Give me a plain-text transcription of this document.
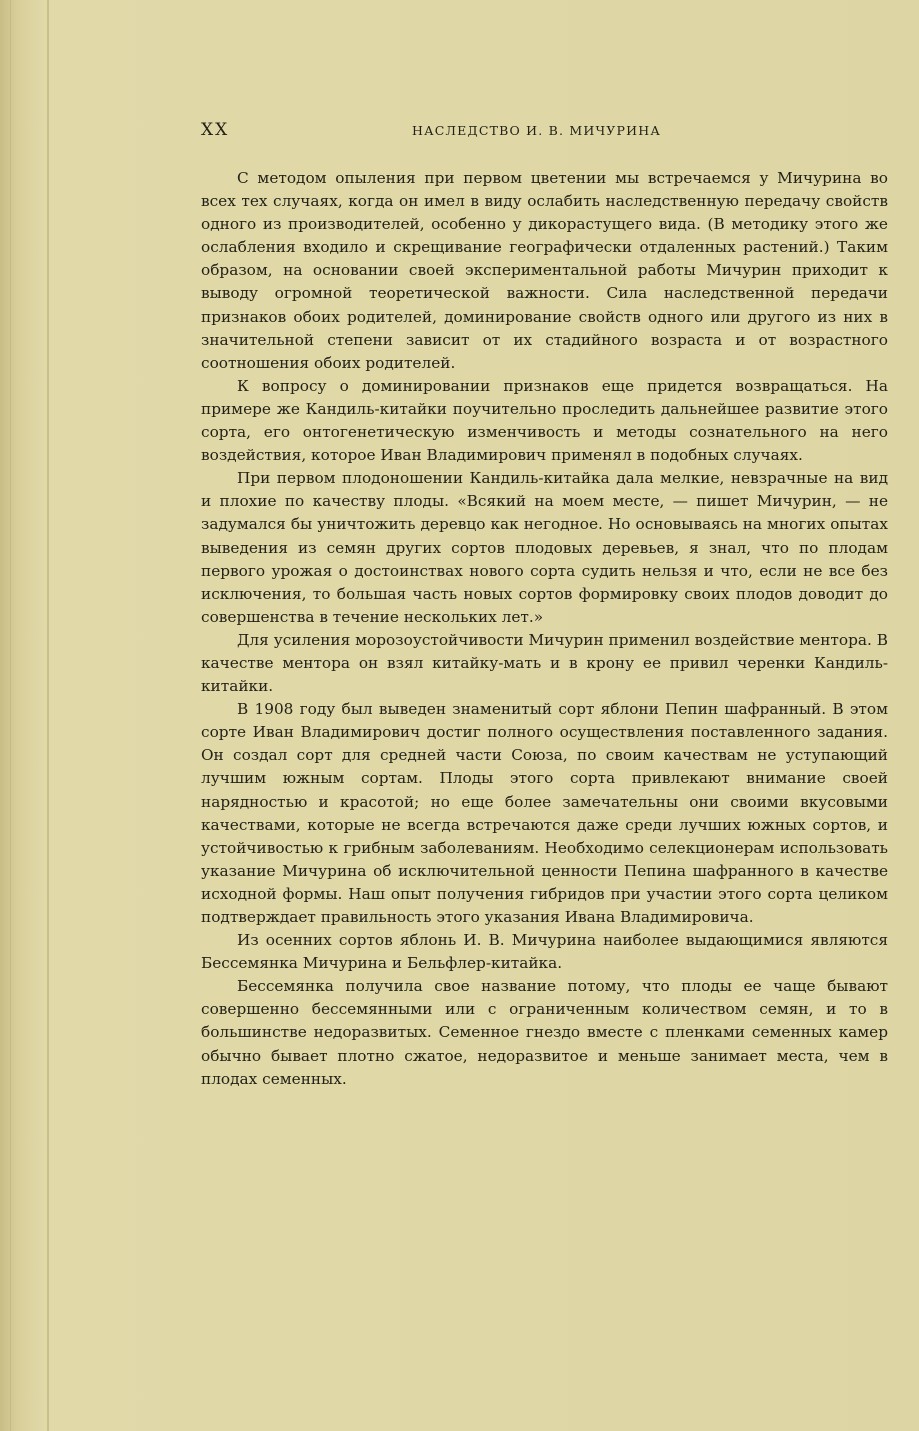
XX	НАСЛЕДСТВО И. В. МИЧУРИНА

С методом опыления при первом цветении мы встречаемся у Мичурина во всех тех случаях, когда он имел в виду ослабить наследственную передачу свойств одного из производителей, особенно у дикорастущего вида. (В методику этого же ослабления входило и скрещивание географически отдаленных растений.) Таким образом, на основании своей экспериментальной работы Мичурин приходит к выводу огромной теоретической важности. Сила наследственной передачи признаков обоих родителей, доминирование свойств одного или другого из них в значительной степени зависит от их стадийного возраста и от возрастного соотношения обоих родителей.

К вопросу о доминировании признаков еще придется возвращаться. На примере же Кандиль-китайки поучительно проследить дальнейшее развитие этого сорта, его онтогенетическую изменчивость и методы сознательного на него воздействия, которое Иван Владимирович применял в подобных случаях.

При первом плодоношении Кандиль-китайка дала мелкие, невзрачные на вид и плохие по качеству плоды. «Всякий на моем месте, — пишет Мичурин, — не задумался бы уничтожить деревцо как негодное. Но основываясь на многих опытах выведения из семян других сортов плодовых деревьев, я знал, что по плодам первого урожая о достоинствах нового сорта судить нельзя и что, если не все без исключения, то большая часть новых сортов формировку своих плодов доводит до совершенства в течение нескольких лет.»

Для усиления морозоустойчивости Мичурин применил воздействие ментора. В качестве ментора он взял китайку-мать и в крону ее привил черенки Кандиль-китайки.

В 1908 году был выведен знаменитый сорт яблони Пепин шафранный. В этом сорте Иван Владимирович достиг полного осуществления поставленного задания. Он создал сорт для средней части Союза, по своим качествам не уступающий лучшим южным сортам. Плоды этого сорта привлекают внимание своей нарядностью и красотой; но еще более замечательны они своими вкусовыми качествами, которые не всегда встречаются даже среди лучших южных сортов, и устойчивостью к грибным заболеваниям. Необходимо селекционерам использовать указание Мичурина об исключительной ценности Пепина шафранного в качестве исходной формы. Наш опыт получения гибридов при участии этого сорта целиком подтверждает правильность этого указания Ивана Владимировича.

Из осенних сортов яблонь И. В. Мичурина наиболее выдающимися являются Бессемянка Мичурина и Бельфлер-китайка.

Бессемянка получила свое название потому, что плоды ее чаще бывают совершенно бессемянными или с ограниченным количеством семян, и то в большинстве недоразвитых. Семенное гнездо вместе с пленками семенных камер обычно бывает плотно сжатое, недоразвитое и меньше занимает места, чем в плодах семенных.
